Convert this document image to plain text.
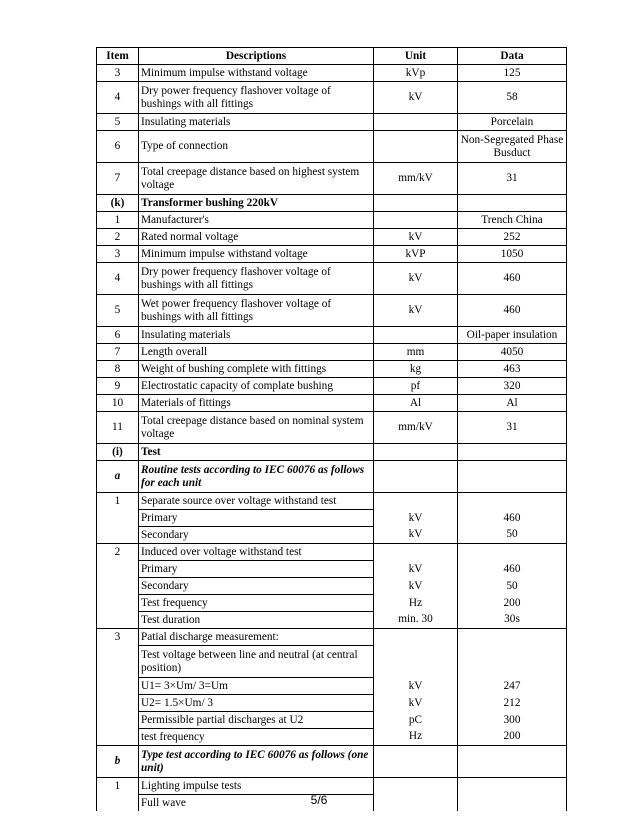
Item	Descriptions	Unit	Data
3	Minimum impulse withstand voltage	kVp	125
4	Dry power frequency flashover voltage of bushings with all fittings	kV	58
5	Insulating materials		Porcelain
6	Type of connection		Non-Segregated Phase Busduct
7	Total creepage distance based on highest system voltage	mm/kV	31
(k)	Transformer bushing 220kV		
1	Manufacturer's		Trench China
2	Rated normal voltage	kV	252
3	Minimum impulse withstand voltage	kVP	1050
4	Dry power frequency flashover voltage of bushings with all fittings	kV	460
5	Wet power frequency flashover voltage of bushings with all fittings	kV	460
6	Insulating materials		Oil-paper insulation
7	Length overall	mm	4050
8	Weight of bushing complete with fittings	kg	463
9	Electrostatic capacity of complate bushing	pf	320
10	Materials of fittings	Al	Al
11	Total creepage distance based on nominal system voltage	mm/kV	31
(i)	Test		
a	Routine tests according to IEC 60076 as follows for each unit		
1	Separate source over voltage withstand test		
	Primary	kV	460
	Secondary	kV	50
2	Induced over voltage withstand test		
	Primary	kV	460
	Secondary	kV	50
	Test frequency	Hz	200
	Test duration	min. 30	30s
3	Patial discharge measurement:		
	Test voltage between line and neutral (at central position)		
	U1= 3×Um/ 3=Um	kV	247
	U2= 1.5×Um/ 3	kV	212
	Permissible partial discharges at U2	pC	300
	test frequency	Hz	200
b	Type test according to IEC 60076 as follows (one unit)		
1	Lighting impulse tests		
	Full wave			5/6
